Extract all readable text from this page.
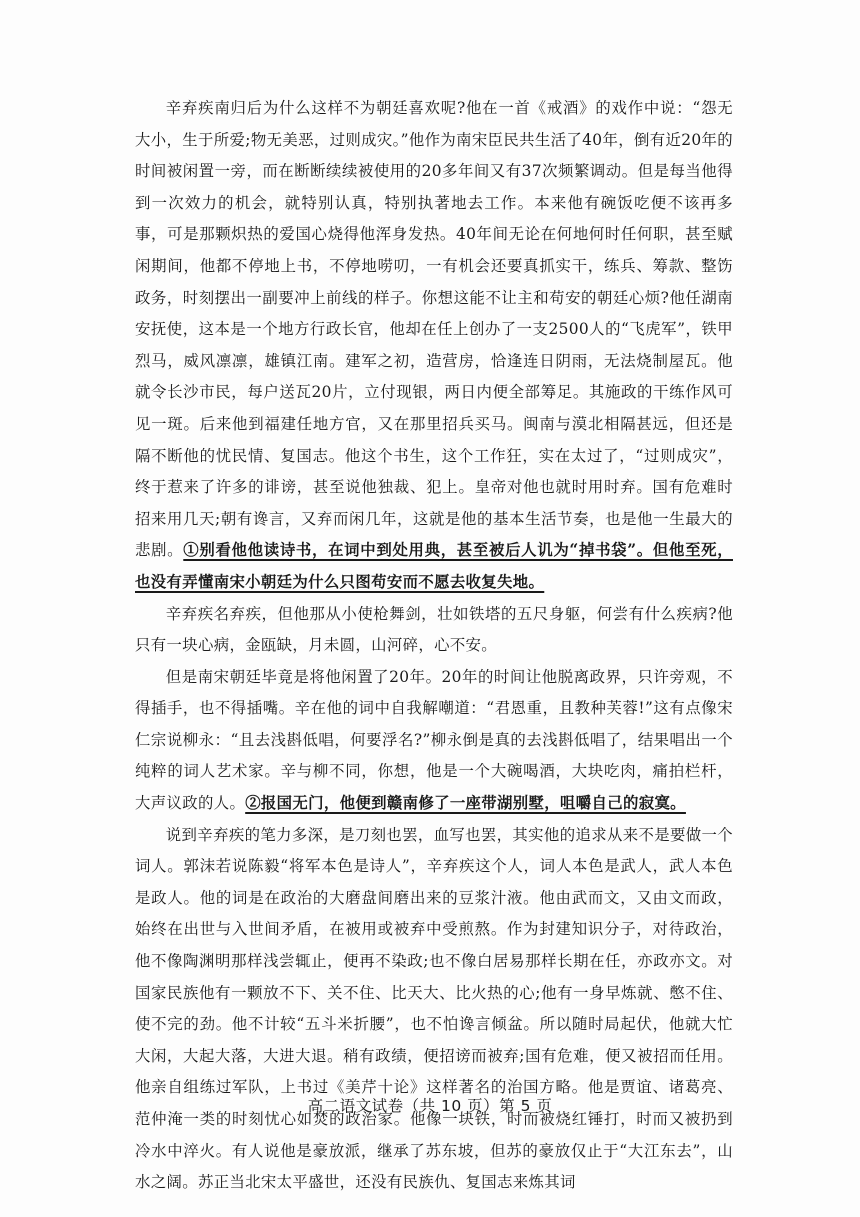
辛弃疾南归后为什么这样不为朝廷喜欢呢?他在一首《戒酒》的戏作中说：“怨无大小，生于所爱;物无美恶，过则成灾。”他作为南宋臣民共生活了40年，倒有近20年的时间被闲置一旁，而在断断续续被使用的20多年间又有37次频繁调动。但是每当他得到一次效力的机会，就特别认真，特别执著地去工作。本来他有碗饭吃便不该再多事，可是那颗炽热的爱国心烧得他浑身发热。40年间无论在何地何时任何职，甚至赋闲期间，他都不停地上书，不停地唠叨，一有机会还要真抓实干，练兵、筹款、整饬政务，时刻摆出一副要冲上前线的样子。你想这能不让主和苟安的朝廷心烦?他任湖南安抚使，这本是一个地方行政长官，他却在任上创办了一支2500人的“飞虎军”，铁甲烈马，威风凛凛，雄镇江南。建军之初，造营房，恰逢连日阴雨，无法烧制屋瓦。他就令长沙市民，每户送瓦20片，立付现银，两日内便全部筹足。其施政的干练作风可见一斑。后来他到福建任地方官，又在那里招兵买马。闽南与漠北相隔甚远，但还是隔不断他的忧民情、复国志。他这个书生，这个工作狂，实在太过了，“过则成灾”，终于惹来了许多的诽谤，甚至说他独裁、犯上。皇帝对他也就时用时弃。国有危难时招来用几天;朝有谗言，又弃而闲几年，这就是他的基本生活节奏，也是他一生最大的悲剧。①别看他他读诗书，在词中到处用典，甚至被后人讥为“掉书袋”。但他至死，也没有弄懂南宋小朝廷为什么只图苟安而不愿去收复失地。

辛弃疾名弃疾，但他那从小使枪舞剑，壮如铁塔的五尺身躯，何尝有什么疾病?他只有一块心病，金瓯缺，月未圆，山河碎，心不安。

但是南宋朝廷毕竟是将他闲置了20年。20年的时间让他脱离政界，只许旁观，不得插手，也不得插嘴。辛在他的词中自我解嘲道：“君恩重，且教种芙蓉!”这有点像宋仁宗说柳永：“且去浅斟低唱，何要浮名?”柳永倒是真的去浅斟低唱了，结果唱出一个纯粹的词人艺术家。辛与柳不同，你想，他是一个大碗喝酒，大块吃肉，痛拍栏杆，大声议政的人。②报国无门，他便到赣南修了一座带湖别墅，咀嚼自己的寂寞。

说到辛弃疾的笔力多深，是刀刻也罢，血写也罢，其实他的追求从来不是要做一个词人。郭沫若说陈毅“将军本色是诗人”，辛弃疾这个人，词人本色是武人，武人本色是政人。他的词是在政治的大磨盘间磨出来的豆浆汁液。他由武而文，又由文而政，始终在出世与入世间矛盾，在被用或被弃中受煎熬。作为封建知识分子，对待政治，他不像陶渊明那样浅尝辄止，便再不染政;也不像白居易那样长期在任，亦政亦文。对国家民族他有一颗放不下、关不住、比天大、比火热的心;他有一身早炼就、憋不住、使不完的劲。他不计较“五斗米折腰”，也不怕谗言倾盆。所以随时局起伏，他就大忙大闲，大起大落，大进大退。稍有政绩，便招谤而被弃;国有危难，便又被招而任用。他亲自组练过军队，上书过《美芹十论》这样著名的治国方略。他是贾谊、诸葛亮、范仲淹一类的时刻忧心如焚的政治家。他像一块铁，时而被烧红锤打，时而又被扔到冷水中淬火。有人说他是豪放派，继承了苏东坡，但苏的豪放仅止于“大江东去”，山水之阔。苏正当北宋太平盛世，还没有民族仇、复国志来炼其词

高二语文试卷（共 10 页）第 5 页
